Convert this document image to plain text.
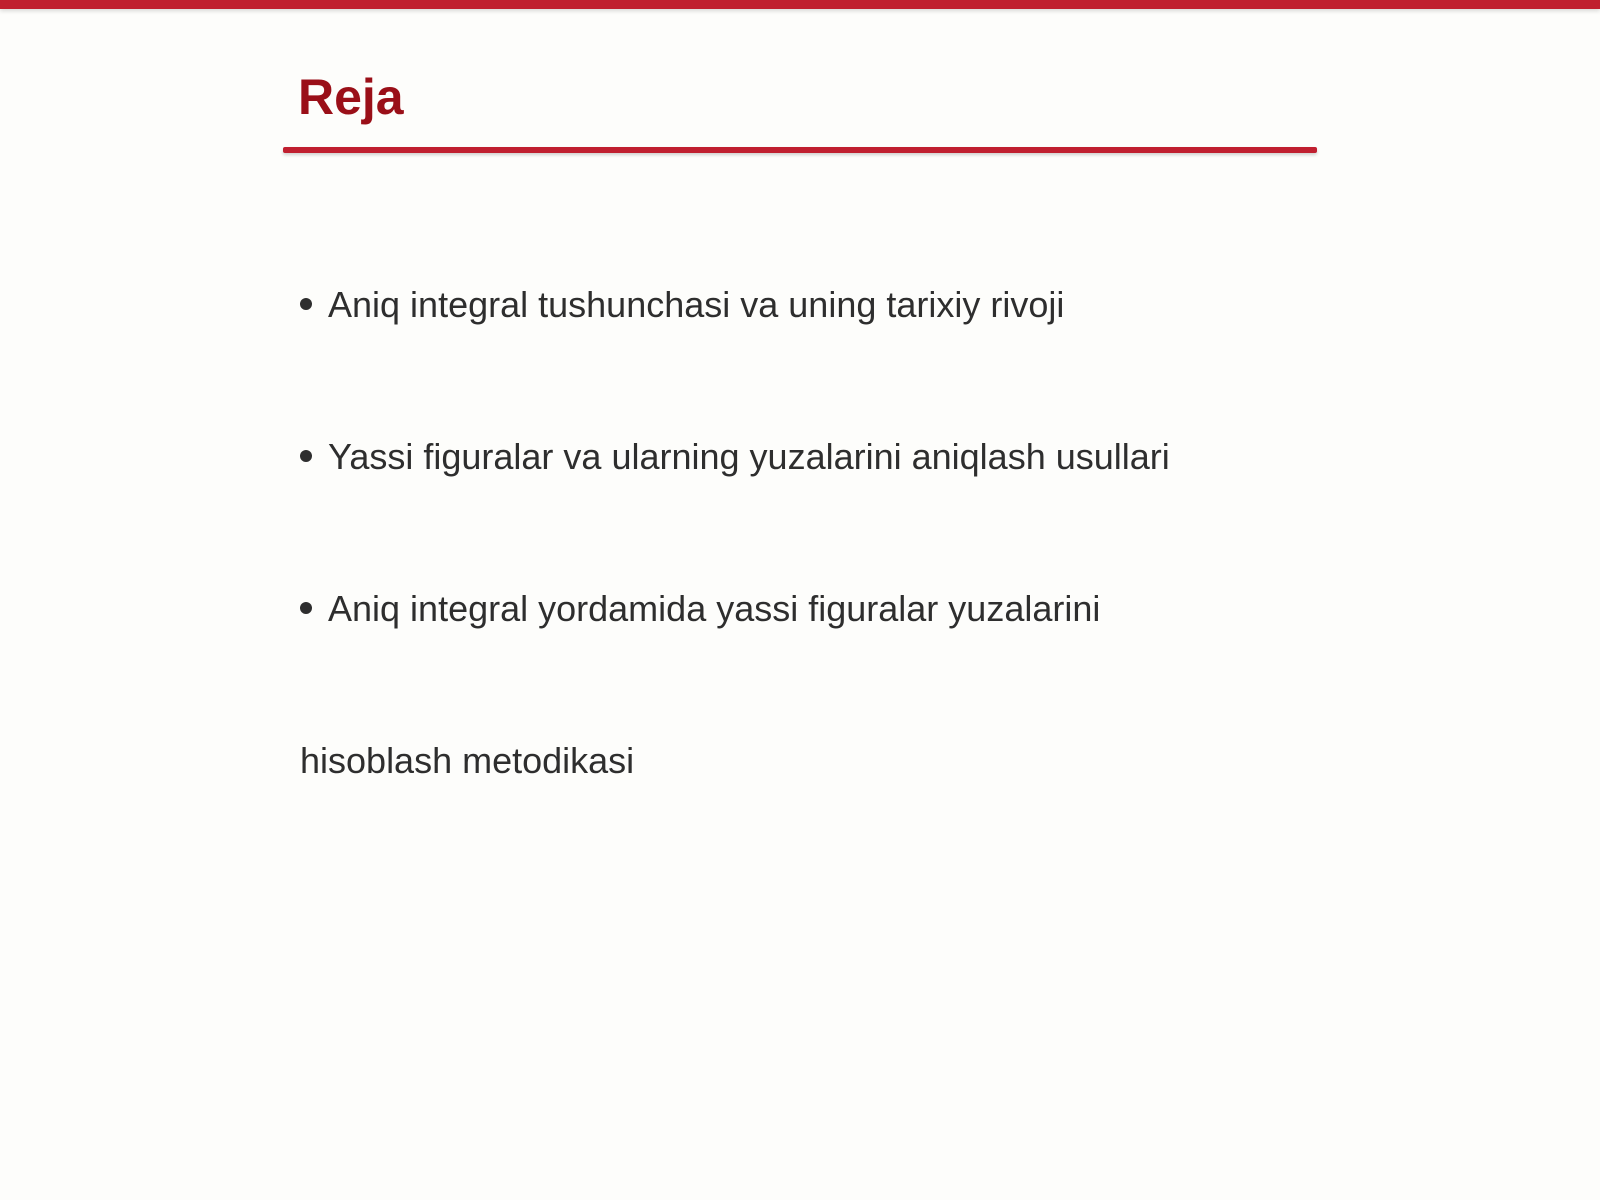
Reja
Aniq integral tushunchasi va uning tarixiy rivoji
Yassi figuralar va ularning yuzalarini aniqlash usullari
Aniq integral yordamida yassi figuralar yuzalarini
hisoblash metodikasi
